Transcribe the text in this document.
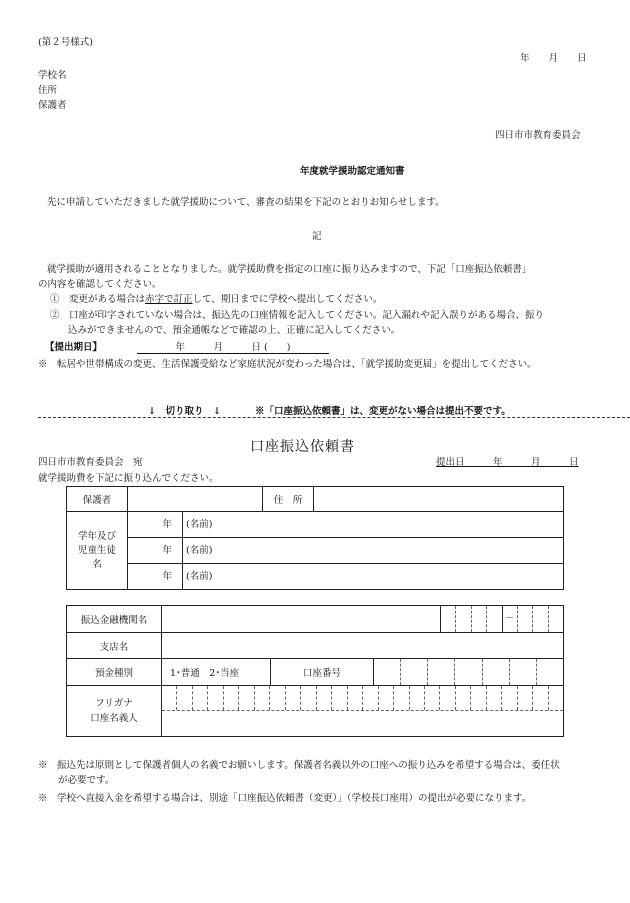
(第２号様式)
年　　月　　日
学校名
住所
保護者
四日市市教育委員会
年度就学援助認定通知書
先に申請していただきました就学援助について、審査の結果を下記のとおりお知らせします。
記
就学援助が適用されることとなりました。就学援助費を指定の口座に振り込みますので、下記「口座振込依頼書」
の内容を確認してください。
①　変更がある場合は赤字で訂正して、期日までに学校へ提出してください。
②　口座が印字されていない場合は、振込先の口座情報を記入してください。記入漏れや記入誤りがある場合、振り
込みができませんので、預金通帳などで確認の上、正確に記入してください。
【提出期日】	年　　　月　　　日 (　　)
※　転居や世帯構成の変更、生活保護受給など家庭状況が変わった場合は、「就学援助変更届」を提出してください。
↓　切り取り　↓	※「口座振込依頼書」は、変更がない場合は提出不要です。
口座振込依頼書
四日市市教育委員会　宛	提出日　　　年　　　月　　　日
就学援助費を下記に振り込んでください。
保護者		住　所	

学年及び
児童生徒
名	年 (名前)		
	年 (名前)		
	年 (名前)		
振込金融機関名		－

支店名		
預金種別	1･普通　2･当座 口座番号	

フリガナ
口座名義人		

※　振込先は原則として保護者個人の名義でお願いします。保護者名義以外の口座への振り込みを希望する場合は、委任状
が必要です。
※　学校へ直接入金を希望する場合は、別途「口座振込依頼書（変更）」（学校長口座用）の提出が必要になります。
